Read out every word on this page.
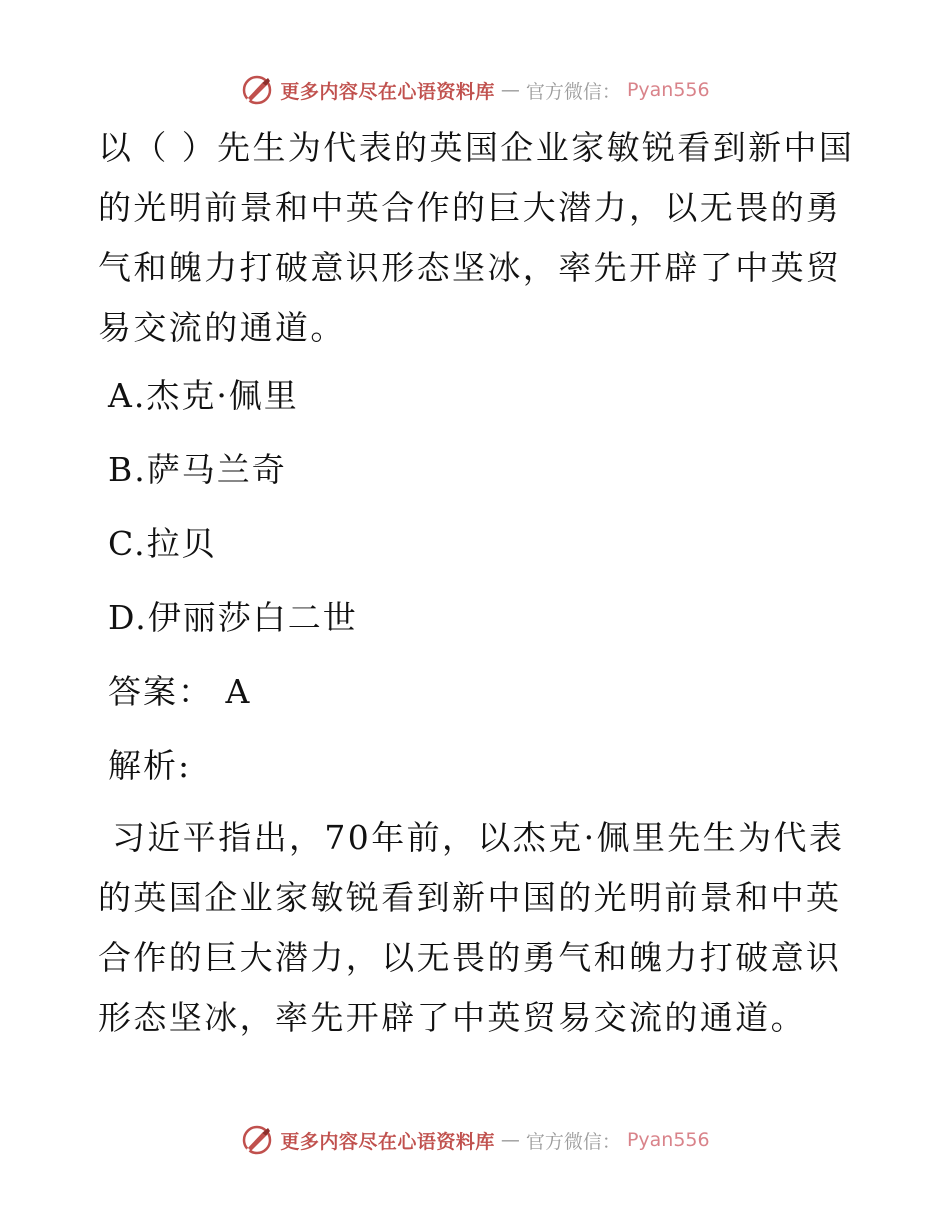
更多内容尽在心语资料库 — 官方微信： Pyan556

以（ ）先生为代表的英国企业家敏锐看到新中国的光明前景和中英合作的巨大潜力，以无畏的勇气和魄力打破意识形态坚冰，率先开辟了中英贸易交流的通道。

A.杰克·佩里

B.萨马兰奇

C.拉贝

D.伊丽莎白二世

答案： A

解析:

习近平指出，70年前，以杰克·佩里先生为代表的英国企业家敏锐看到新中国的光明前景和中英合作的巨大潜力，以无畏的勇气和魄力打破意识形态坚冰，率先开辟了中英贸易交流的通道。

更多内容尽在心语资料库 — 官方微信： Pyan556
